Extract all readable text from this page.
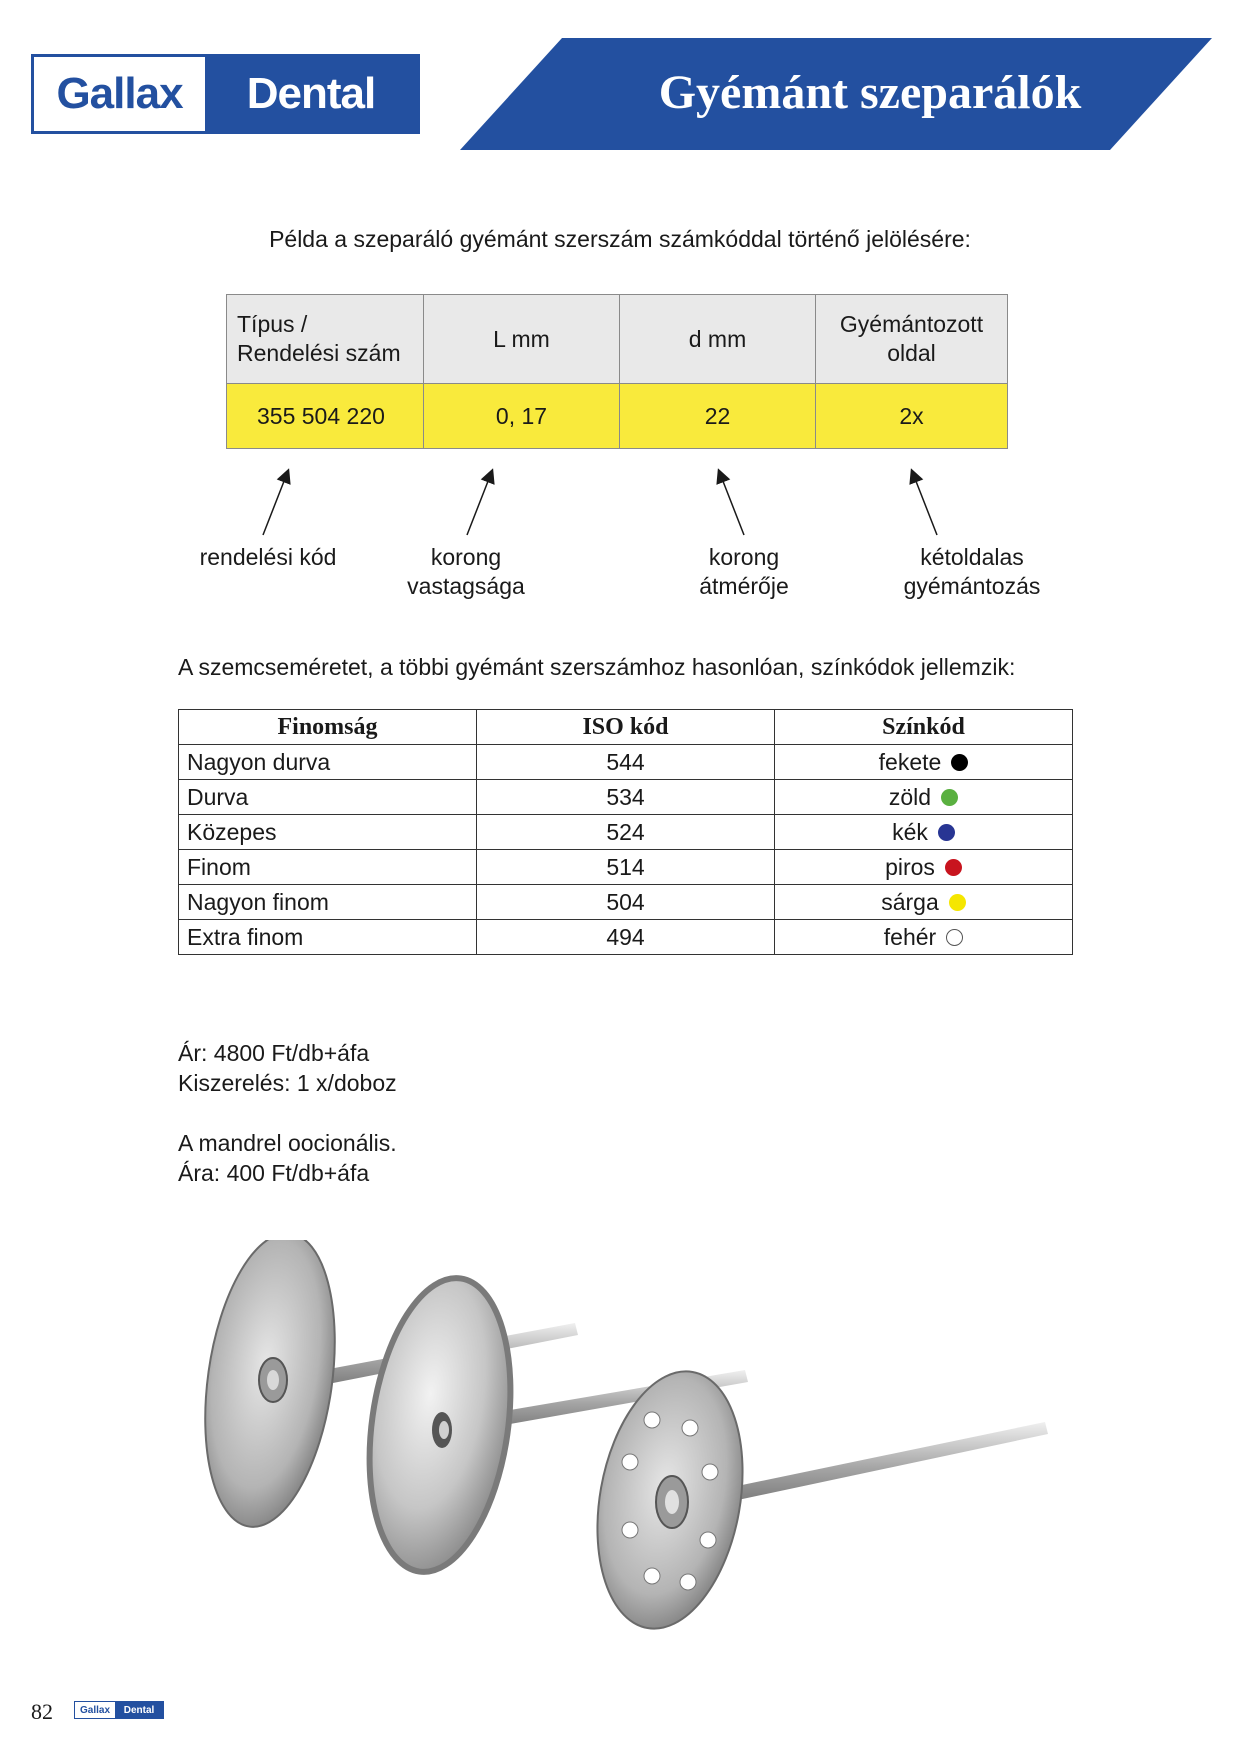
Gallax	Dental	Gyémánt szeparálók
Példa a szeparáló gyémánt szerszám számkóddal történő jelölésére:
Típus /
Rendelési szám	L mm	d mm	Gyémántozott
oldal
355 504 220	0, 17	22	2x
rendelési kód	korong
vastagsága
korong
átmérője
kétoldalas
gyémántozás
A szemcseméretet, a többi gyémánt szerszámhoz hasonlóan, színkódok jellemzik:
Finomság	ISO kód	Színkód
Nagyon durva	544	fekete

Durva	534	zöld

Közepes	524	kék

Finom	514	piros

Nagyon finom	504	sárga

Extra finom	494	fehér
Ár: 4800 Ft/db+áfa
Kiszerelés: 1 x/doboz
A mandrel oocionális.
Ára: 400 Ft/db+áfa
82	Gallax	Dental
